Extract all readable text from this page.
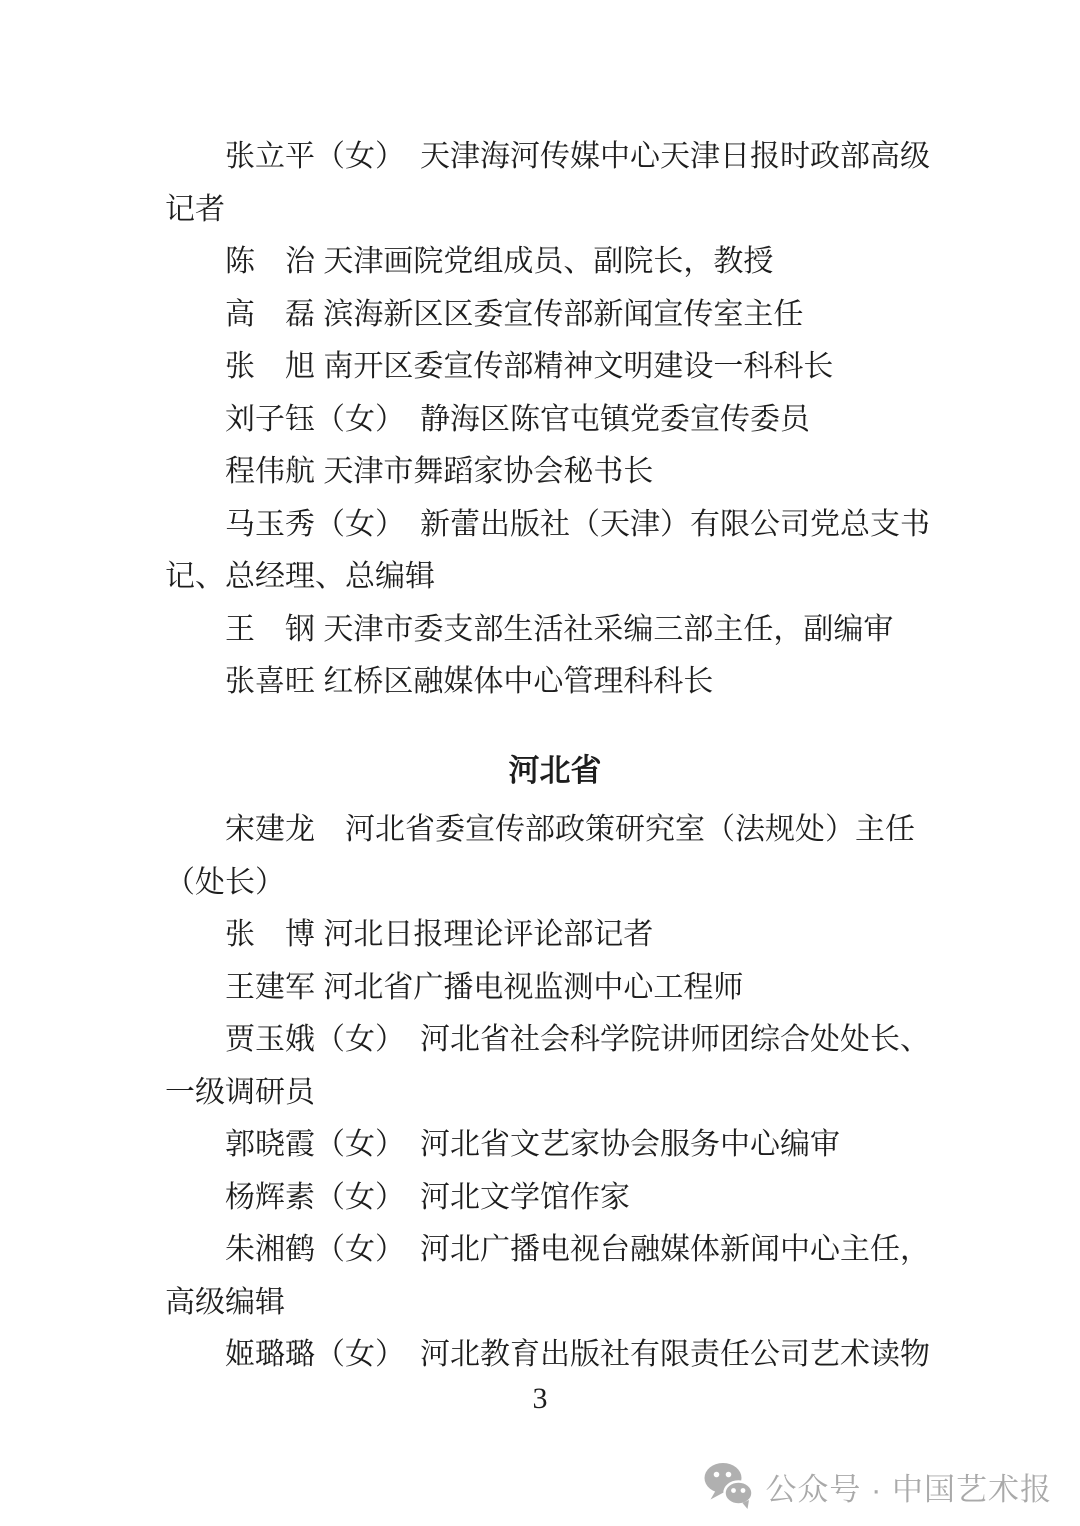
张立平（女）　天津海河传媒中心天津日报时政部高级
记者
陈　治 天津画院党组成员、副院长，教授
高　磊 滨海新区区委宣传部新闻宣传室主任
张　旭 南开区委宣传部精神文明建设一科科长
刘子钰（女）　静海区陈官屯镇党委宣传委员
程伟航 天津市舞蹈家协会秘书长
马玉秀（女）　新蕾出版社（天津）有限公司党总支书
记、总经理、总编辑
王　钢 天津市委支部生活社采编三部主任，副编审
张喜旺 红桥区融媒体中心管理科科长
河北省
宋建龙　河北省委宣传部政策研究室（法规处）主任
（处长）
张　博 河北日报理论评论部记者
王建军 河北省广播电视监测中心工程师
贾玉娥（女）　河北省社会科学院讲师团综合处处长、
一级调研员
郭晓霞（女）　河北省文艺家协会服务中心编审
杨辉素（女）　河北文学馆作家
朱湘鹤（女）　河北广播电视台融媒体新闻中心主任，
高级编辑
姬璐璐（女）　河北教育出版社有限责任公司艺术读物
3
公众号 · 中国艺术报
